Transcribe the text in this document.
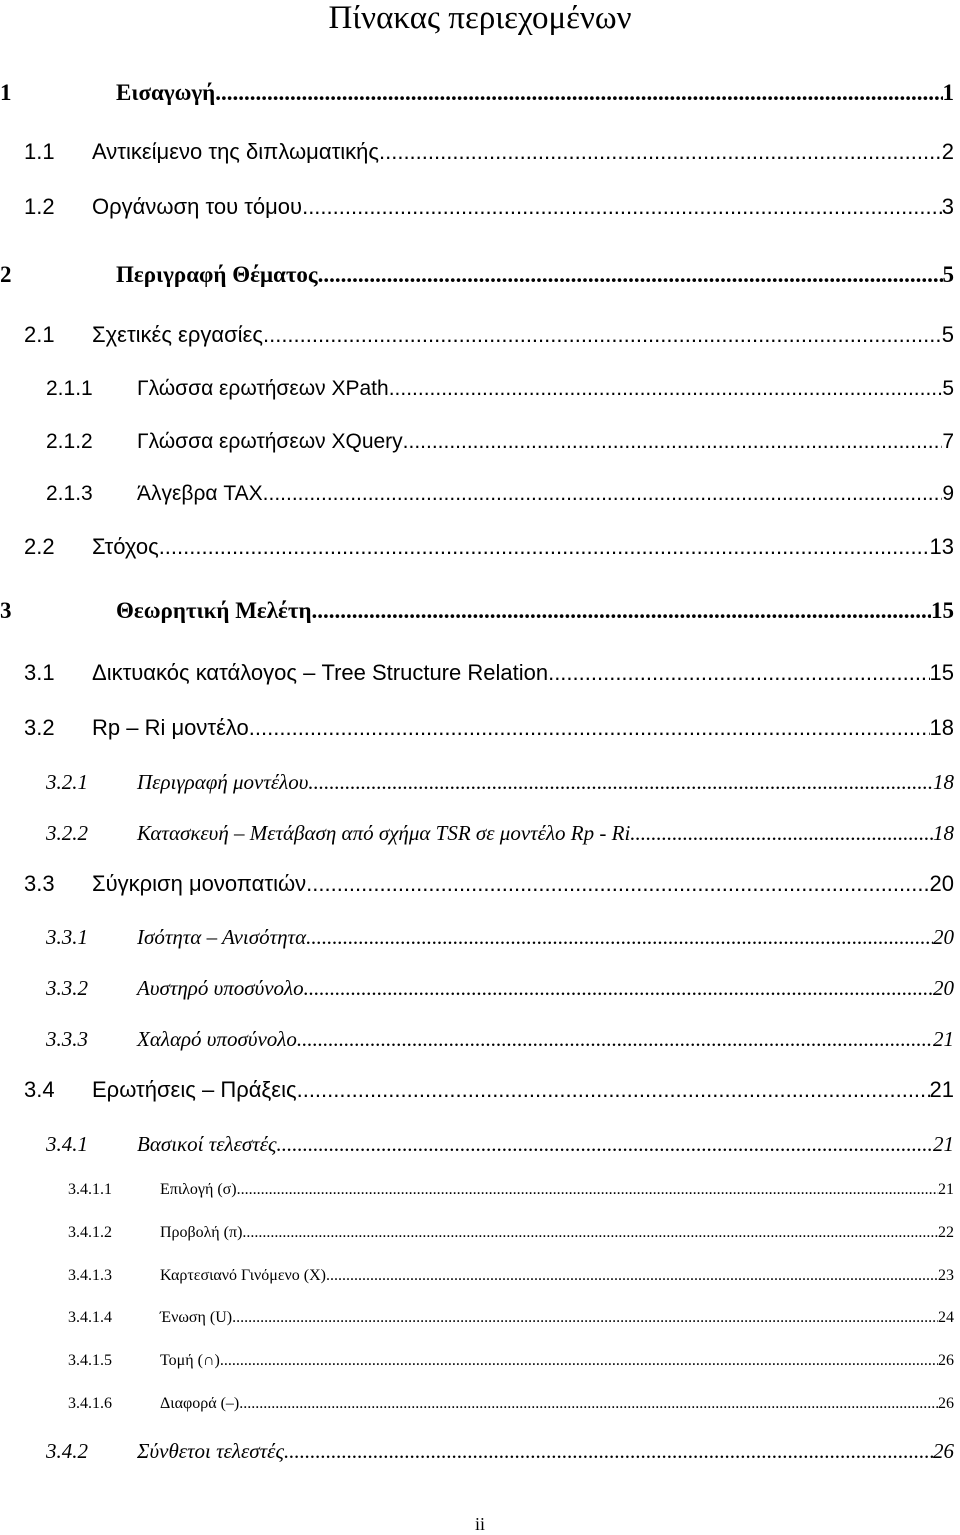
Πίνακας περιεχομένων
1	Εισαγωγή .....	1
1.1	Αντικείμενο της διπλωματικής .....	2
1.2	Οργάνωση του τόμου .....	3
2	Περιγραφή Θέματος .....	5
2.1	Σχετικές εργασίες .....	5
2.1.1	Γλώσσα ερωτήσεων XPath .....	5
2.1.2	Γλώσσα ερωτήσεων XQuery .....	7
2.1.3	Άλγεβρα TAX .....	9
2.2	Στόχος .....	13
3	Θεωρητική Μελέτη .....	15
3.1	Δικτυακός κατάλογος – Tree Structure Relation .....	15
3.2	Rp – Ri μοντέλο .....	18
3.2.1	Περιγραφή μοντέλου .....	18
3.2.2	Κατασκευή – Μετάβαση από σχήμα TSR σε μοντέλο Rp - Ri .....	18
3.3	Σύγκριση μονοπατιών .....	20
3.3.1	Ισότητα – Ανισότητα .....	20
3.3.2	Αυστηρό υποσύνολο .....	20
3.3.3	Χαλαρό υποσύνολο .....	21
3.4	Ερωτήσεις – Πράξεις .....	21
3.4.1	Βασικοί τελεστές .....	21
3.4.1.1	Επιλογή (σ) .....	21
3.4.1.2	Προβολή (π) .....	22
3.4.1.3	Καρτεσιανό Γινόμενο (X) .....	23
3.4.1.4	Ένωση (U) .....	24
3.4.1.5	Τομή (∩) .....	26
3.4.1.6	Διαφορά (–) .....	26
3.4.2	Σύνθετοι τελεστές .....	26
ii
